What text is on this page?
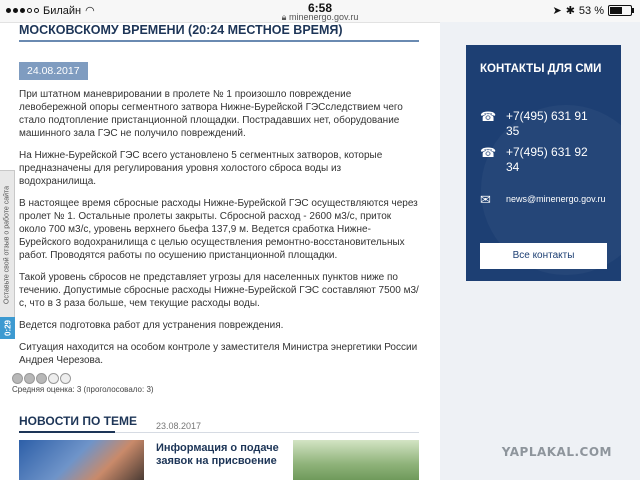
Билайн ◠	6:58
🔒︎ minenergo.gov.ru	➤ ✱ 53 %
МОСКОВСКОМУ ВРЕМЕНИ (20:24 МЕСТНОЕ ВРЕМЯ)
24.08.2017

При штатном маневрировании в пролете № 1 произошло повреждение левобережной опоры сегментного затвора Нижне-Бурейской ГЭСследствием чего стало подтопление пристанционной площадки. Пострадавших нет, оборудование машинного зала ГЭС не получило повреждений.

На Нижне-Бурейской ГЭС всего установлено 5 сегментных затворов, которые предназначены для регулирования уровня холостого сброса воды из водохранилища.

В настоящее время сбросные расходы Нижне-Бурейской ГЭС осуществляются через пролет № 1. Остальные пролеты закрыты. Сбросной расход - 2600 м3/с, приток около 700 м3/с, уровень верхнего бьефа 137,9 м. Ведется сработка Нижне-Бурейского водохранилища с целью осуществления ремонтно-восстановительных работ. Проводятся работы по осушению пристанционной площадки.

Такой уровень сбросов не представляет угрозы для населенных пунктов ниже по течению. Допустимые сбросные расходы Нижне-Бурейской ГЭС составляют 7500 м3/с, что в 3 раза больше, чем текущие расходы воды.

Ведется подготовка работ для устранения повреждения.

Ситуация находится на особом контроле у заместителя Министра энергетики России Андрея Черезова.

Средняя оценка: 3 (проголосовало: 3)
НОВОСТИ ПО ТЕМЕ	23.08.2017
Информация о подаче заявок на присвоение
Оставьте свой отзыв о работе сайта
0:29
КОНТАКТЫ ДЛЯ СМИ
☎︎ +7(495) 631 91 35
☎︎ +7(495) 631 92 34
✉︎	news@minenergo.gov.ru
Все контакты
YAPLAKAL.COM
